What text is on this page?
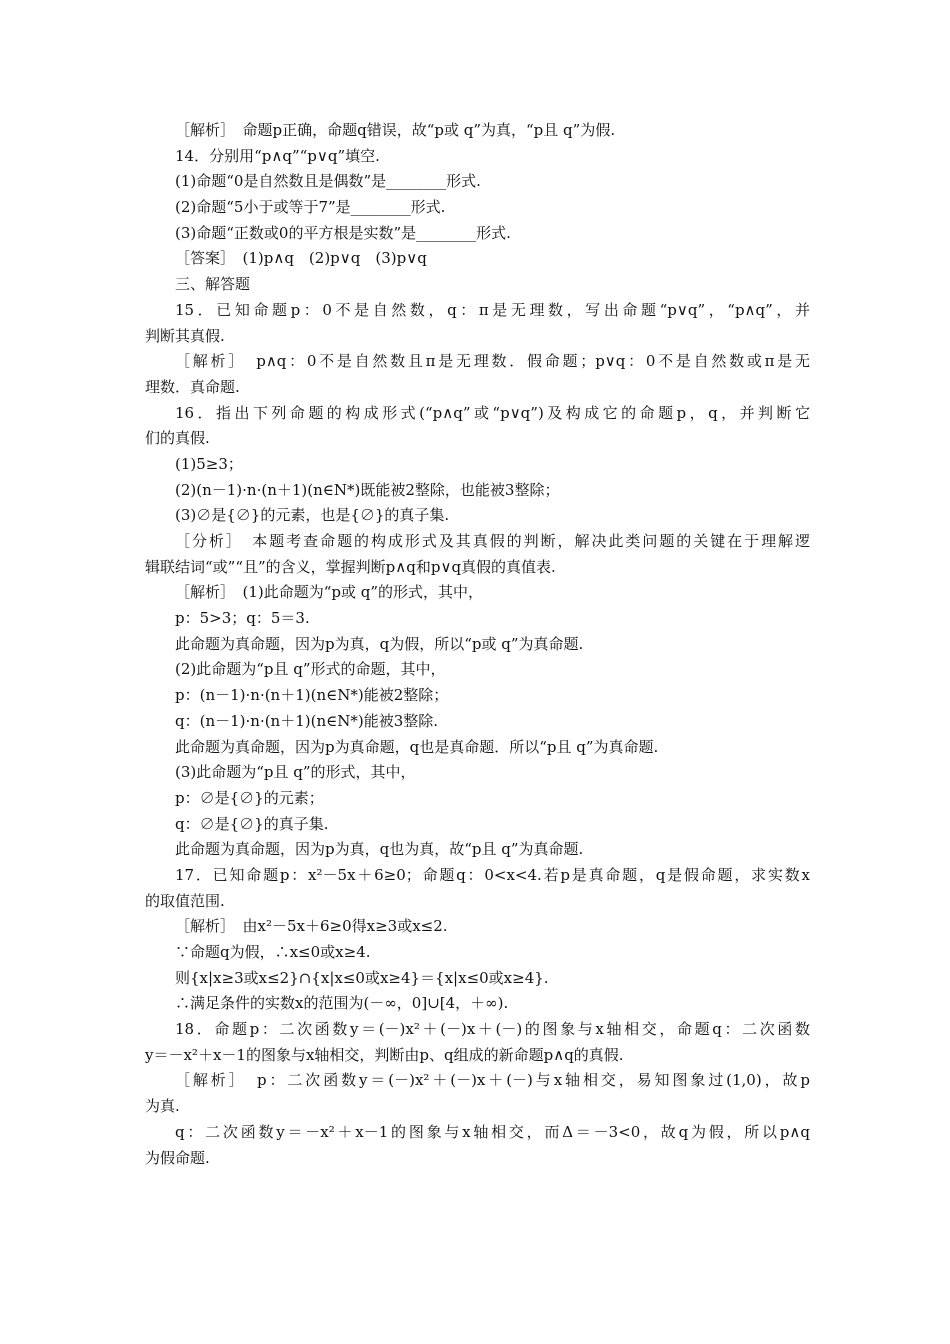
［解析］　命题p正确，命题q错误，故“p或 q”为真，“p且 q”为假.
14．分别用“p∧q”“p∨q”填空.
(1)命题“0是自然数且是偶数”是________形式.
(2)命题“5小于或等于7”是________形式.
(3)命题“正数或0的平方根是实数”是________形式.
［答案］　(1)p∧q　(2)p∨q　(3)p∨q
三、解答题
15．已知命题p：0不是自然数，q：π是无理数，写出命题“p∨q”，“p∧q”，并
判断其真假.
［解析］　p∧q：0不是自然数且π是无理数．假命题；p∨q：0不是自然数或π是无
理数．真命题.
16．指出下列命题的构成形式(“p∧q”或“p∨q”)及构成它的命题p，q，并判断它
们的真假.
(1)5≥3；
(2)(n－1)·n·(n＋1)(n∈N*)既能被2整除，也能被3整除；
(3)∅是{∅}的元素，也是{∅}的真子集.
［分析］　本题考查命题的构成形式及其真假的判断，解决此类问题的关键在于理解逻
辑联结词“或”“且”的含义，掌握判断p∧q和p∨q真假的真值表.
［解析］　(1)此命题为“p或 q”的形式，其中，
p：5>3；q：5＝3.
此命题为真命题，因为p为真，q为假，所以“p或 q”为真命题.
(2)此命题为“p且 q”形式的命题，其中，
p：(n－1)·n·(n＋1)(n∈N*)能被2整除；
q：(n－1)·n·(n＋1)(n∈N*)能被3整除.
此命题为真命题，因为p为真命题，q也是真命题．所以“p且 q”为真命题.
(3)此命题为“p且 q”的形式，其中，
p：∅是{∅}的元素；
q：∅是{∅}的真子集.
此命题为真命题，因为p为真，q也为真，故“p且 q”为真命题.
17．已知命题p：x²－5x＋6≥0；命题q：0<x<4.若p是真命题，q是假命题，求实数x
的取值范围.
［解析］　由x²－5x＋6≥0得x≥3或x≤2.
∵命题q为假，∴x≤0或x≥4.
则{x|x≥3或x≤2}∩{x|x≤0或x≥4}＝{x|x≤0或x≥4}.
∴满足条件的实数x的范围为(－∞，0]∪[4，＋∞).
18．命题p：二次函数y＝(－)x²＋(－)x＋(－)的图象与x轴相交，命题q：二次函数
y＝－x²＋x－1的图象与x轴相交，判断由p、q组成的新命题p∧q的真假.
［解析］　p：二次函数y＝(－)x²＋(－)x＋(－)与x轴相交，易知图象过(1,0)，故p
为真.
q：二次函数y＝－x²＋x－1的图象与x轴相交，而Δ＝－3<0，故q为假，所以p∧q
为假命题.
